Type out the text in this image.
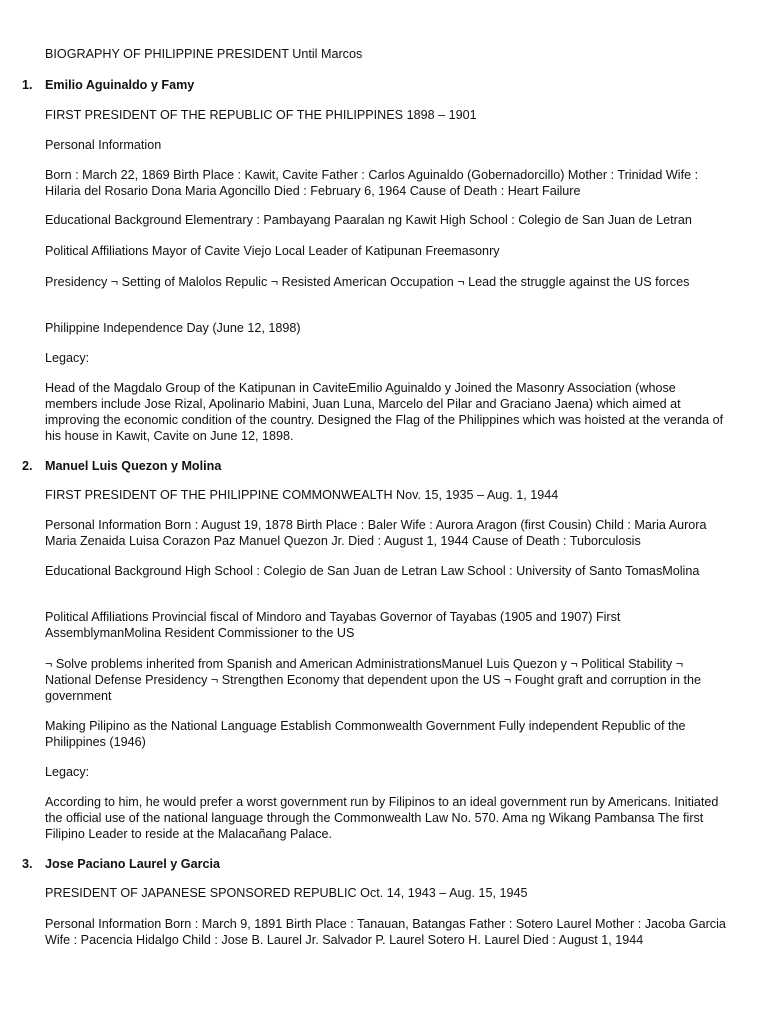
BIOGRAPHY OF PHILIPPINE PRESIDENT Until Marcos
1. Emilio Aguinaldo y Famy

FIRST PRESIDENT OF THE REPUBLIC OF THE PHILIPPINES 1898 – 1901

Personal Information

Born : March 22, 1869 Birth Place : Kawit, Cavite Father : Carlos Aguinaldo (Gobernadorcillo) Mother : Trinidad Wife : Hilaria del Rosario Dona Maria Agoncillo Died : February 6, 1964 Cause of Death : Heart Failure

Educational Background Elementrary : Pambayang Paaralan ng Kawit High School : Colegio de San Juan de Letran

Political Affiliations Mayor of Cavite Viejo Local Leader of Katipunan Freemasonry

Presidency ¬ Setting of Malolos Repulic ¬ Resisted American Occupation ¬ Lead the struggle against the US forces

Philippine Independence Day (June 12, 1898)

Legacy:

Head of the Magdalo Group of the Katipunan in CaviteEmilio Aguinaldo y Joined the Masonry Association (whose members include Jose Rizal, Apolinario Mabini, Juan Luna, Marcelo del Pilar and Graciano Jaena) which aimed at improving the economic condition of the country. Designed the Flag of the Philippines which was hoisted at the veranda of his house in Kawit, Cavite on June 12, 1898.

2. Manuel Luis Quezon y Molina

FIRST PRESIDENT OF THE PHILIPPINE COMMONWEALTH Nov. 15, 1935 – Aug. 1, 1944

Personal Information Born : August 19, 1878 Birth Place : Baler Wife : Aurora Aragon (first Cousin) Child : Maria Aurora Maria Zenaida Luisa Corazon Paz Manuel Quezon Jr. Died : August 1, 1944 Cause of Death : Tuborculosis

Educational Background High School : Colegio de San Juan de Letran Law School : University of Santo TomasMolina

Political Affiliations Provincial fiscal of Mindoro and Tayabas Governor of Tayabas (1905 and 1907) First AssemblymanMolina Resident Commissioner to the US

¬ Solve problems inherited from Spanish and American AdministrationsManuel Luis Quezon y ¬ Political Stability ¬ National Defense Presidency ¬ Strengthen Economy that dependent upon the US ¬ Fought graft and corruption in the government

Making Pilipino as the National Language Establish Commonwealth Government Fully independent Republic of the Philippines (1946)

Legacy:

According to him, he would prefer a worst government run by Filipinos to an ideal government run by Americans. Initiated the official use of the national language through the Commonwealth Law No. 570. Ama ng Wikang Pambansa The first Filipino Leader to reside at the Malacañang Palace.

3. Jose Paciano Laurel y Garcia

PRESIDENT OF JAPANESE SPONSORED REPUBLIC Oct. 14, 1943 – Aug. 15, 1945

Personal Information Born : March 9, 1891 Birth Place : Tanauan, Batangas Father : Sotero Laurel Mother : Jacoba Garcia Wife : Pacencia Hidalgo Child : Jose B. Laurel Jr. Salvador P. Laurel Sotero H. Laurel Died : August 1, 1944
